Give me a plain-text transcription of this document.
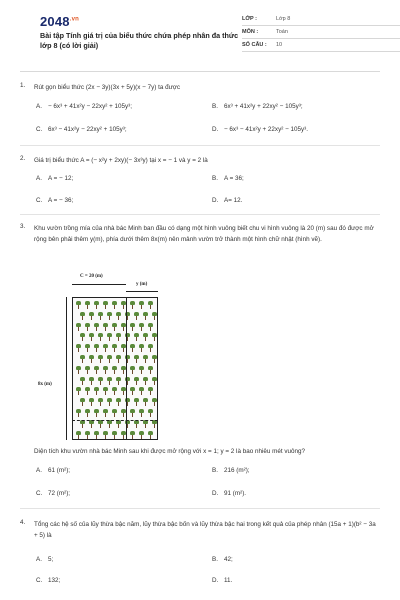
$2048^{.vn}$
Bài tập Tính giá trị của biểu thức chứa phép nhân đa thức lớp 8 (có lời giải)
LỚP :	Lớp 8
MÔN :	Toán
SỐ CÂU :	10
1. Rút gọn biểu thức (2x − 3y)(3x + 5y)(x − 7y) ta được
A. − 6x³ + 41x²y − 22xy² + 105y³;	B. 6x³ + 41x²y + 22xy² − 105y³;
C. 6x³ − 41x²y − 22xy² + 105y³;	D. − 6x³ − 41x²y + 22xy² − 105y³.
2. Giá trị biểu thức A = (− x²y + 2xy)(− 3x³y) tại x = − 1 và y = 2 là
A. A = − 12;	B. A = 36;
C. A = − 36;	D. A= 12.
3. Khu vườn trồng mía của nhà bác Minh ban đầu có dạng một hình vuông biết chu vi hình vuông là 20 (m) sau đó được mở rộng bên phải thêm y(m), phía dưới thêm 8x(m) nên mảnh vườn trở thành một hình chữ nhật (hình vẽ).
C = 20 (m)
y (m)
8x (m)
Diện tích khu vườn nhà bác Minh sau khi được mở rộng với x = 1; y = 2 là bao nhiêu mét vuông?
A. 61 (m²);	B. 216 (m²);
C. 72 (m²);	D. 91 (m²).
4. Tổng các hệ số của lũy thừa bậc năm, lũy thừa bậc bốn và lũy thừa bậc hai trong kết quả của phép nhân (15a + 1)(b² − 3a + 5) là
A. 5;	B. 42;
C. 132;	D. 11.
